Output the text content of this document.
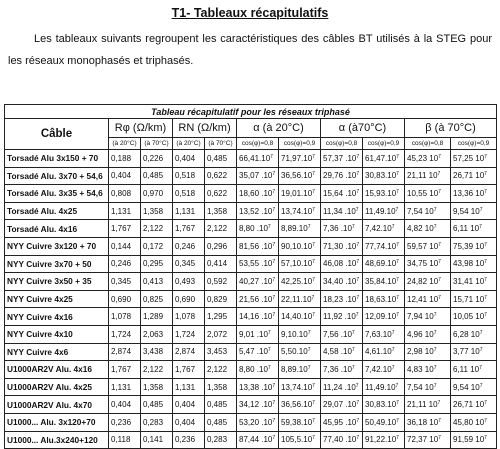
T1- Tableaux récapitulatifs
Les tableaux suivants regroupent les caractéristiques des câbles BT utilisés à la STEG pour les réseaux monophasés et triphasés.
Tableau récapitulatif pour les réseaux triphasé										
Câble	Rφ (Ω/km)		RN (Ω/km)		α (à 20°C)		α (à70°C)		β (à 70°C)	
	(à 20°C)	(à 70°C)	(à 20°C)	(à 70°C)	cos(φ)=0,8	cos(φ)=0,9	cos(φ)=0,8	cos(φ)=0,9	cos(φ)=0,8	cos(φ)=0,9
Torsadé Alu 3x150 + 70	0,188	0,226	0,404	0,485	66,41.10$^7$	71,97.10$^7$	57,37 $.10^7$	61,47.10$^7$	45,23 $10^7$	57,25 $10^7$
Torsadé Alu. 3x70 + 54,6	0,404	0,485	0,518	0,622	35,07 $.10^7$	36,56.10$^7$	29,76 $.10^7$	30,83.10$^7$	21,11 $10^7$	26,71 $10^7$
Torsadé Alu. 3x35 + 54,6	0,808	0,970	0,518	0,622	18,60 $.10^7$	19,01.10$^7$	15,64 $.10^7$	15,93.10$^7$	10,55 $10^7$	13,36 $10^7$
Torsadé Alu. 4x25	1,131	1,358	1,131	1,358	13,52 $.10^7$	13,74.10$^7$	11,34 $.10^7$	11,49.10$^7$	7,54 $10^7$	9,54 $10^7$
Torsadé Alu. 4x16	1,767	2,122	1,767	2,122	8,80 $.10^7$	8,89.10$^7$	7,36 $.10^7$	7,42.10$^7$	4,82 $10^7$	6,11 $10^7$
NYY Cuivre 3x120 + 70	0,144	0,172	0,246	0,296	81,56 $.10^7$	90,10.10$^7$	71,30 $.10^7$	77,74.10$^7$	59,57 $10^7$	75,39 $10^7$
NYY Cuivre 3x70 + 50	0,246	0,295	0,345	0,414	53,55 $.10^7$	57,10.10$^7$	46,08 $.10^7$	48,69.10$^7$	34,75 $10^7$	43,98 $10^7$
NYY Cuivre 3x50 + 35	0,345	0,413	0,493	0,592	40,27 $.10^7$	42,25.10$^7$	34,40 $.10^7$	35,84.10$^7$	24,82 $10^7$	31,41 $10^7$
NYY Cuivre 4x25	0,690	0,825	0,690	0,829	21,56 $.10^7$	22,11.10$^7$	18,23 $.10^7$	18,63.10$^7$	12,41 $10^7$	15,71 $10^7$
NYY Cuivre 4x16	1,078	1,289	1,078	1,295	14,16 $.10^7$	14,40.10$^7$	11,92 $.10^7$	12,09.10$^7$	7,94 $10^7$	10,05 $10^7$
NYY Cuivre 4x10	1,724	2,063	1,724	2,072	9,01 $.10^7$	9,10.10$^7$	7,56 $.10^7$	7,63.10$^7$	4,96 $10^7$	6,28 $10^7$
NYY Cuivre 4x6	2,874	3,438	2,874	3,453	5,47 $.10^7$	5,50.10$^7$	4,58 $.10^7$	4,61.10$^7$	2,98 $10^7$	3,77 $10^7$
U1000AR2V Alu. 4x16	1,767	2,122	1,767	2,122	8,80 $.10^7$	8,89.10$^7$	7,36 $.10^7$	7,42.10$^7$	4,83 $10^7$	6,11 $10^7$
U1000AR2V Alu. 4x25	1,131	1,358	1,131	1,358	13,38 $.10^7$	13,74.10$^7$	11,24 $.10^7$	11,49.10$^7$	7,54 $10^7$	9,54 $10^7$
U1000AR2V Alu. 4x70	0,404	0,485	0,404	0,485	34,12 $.10^7$	36,56.10$^7$	29,07 $.10^7$	30,83.10$^7$	21,11 $10^7$	26,71 $10^7$
U1000... Alu. 3x120+70	0,236	0,283	0,404	0,485	53,20 $.10^7$	59,38.10$^7$	45,95 $.10^7$	50,49.10$^7$	36,18 $10^7$	45,80 $10^7$
U1000... Alu.3x240+120	0,118	0,141	0,236	0,283	87,44 $.10^7$	105,5.10$^7$	77,40 $.10^7$	91,22.10$^7$	72,37 $10^7$	91,59 $10^7$
